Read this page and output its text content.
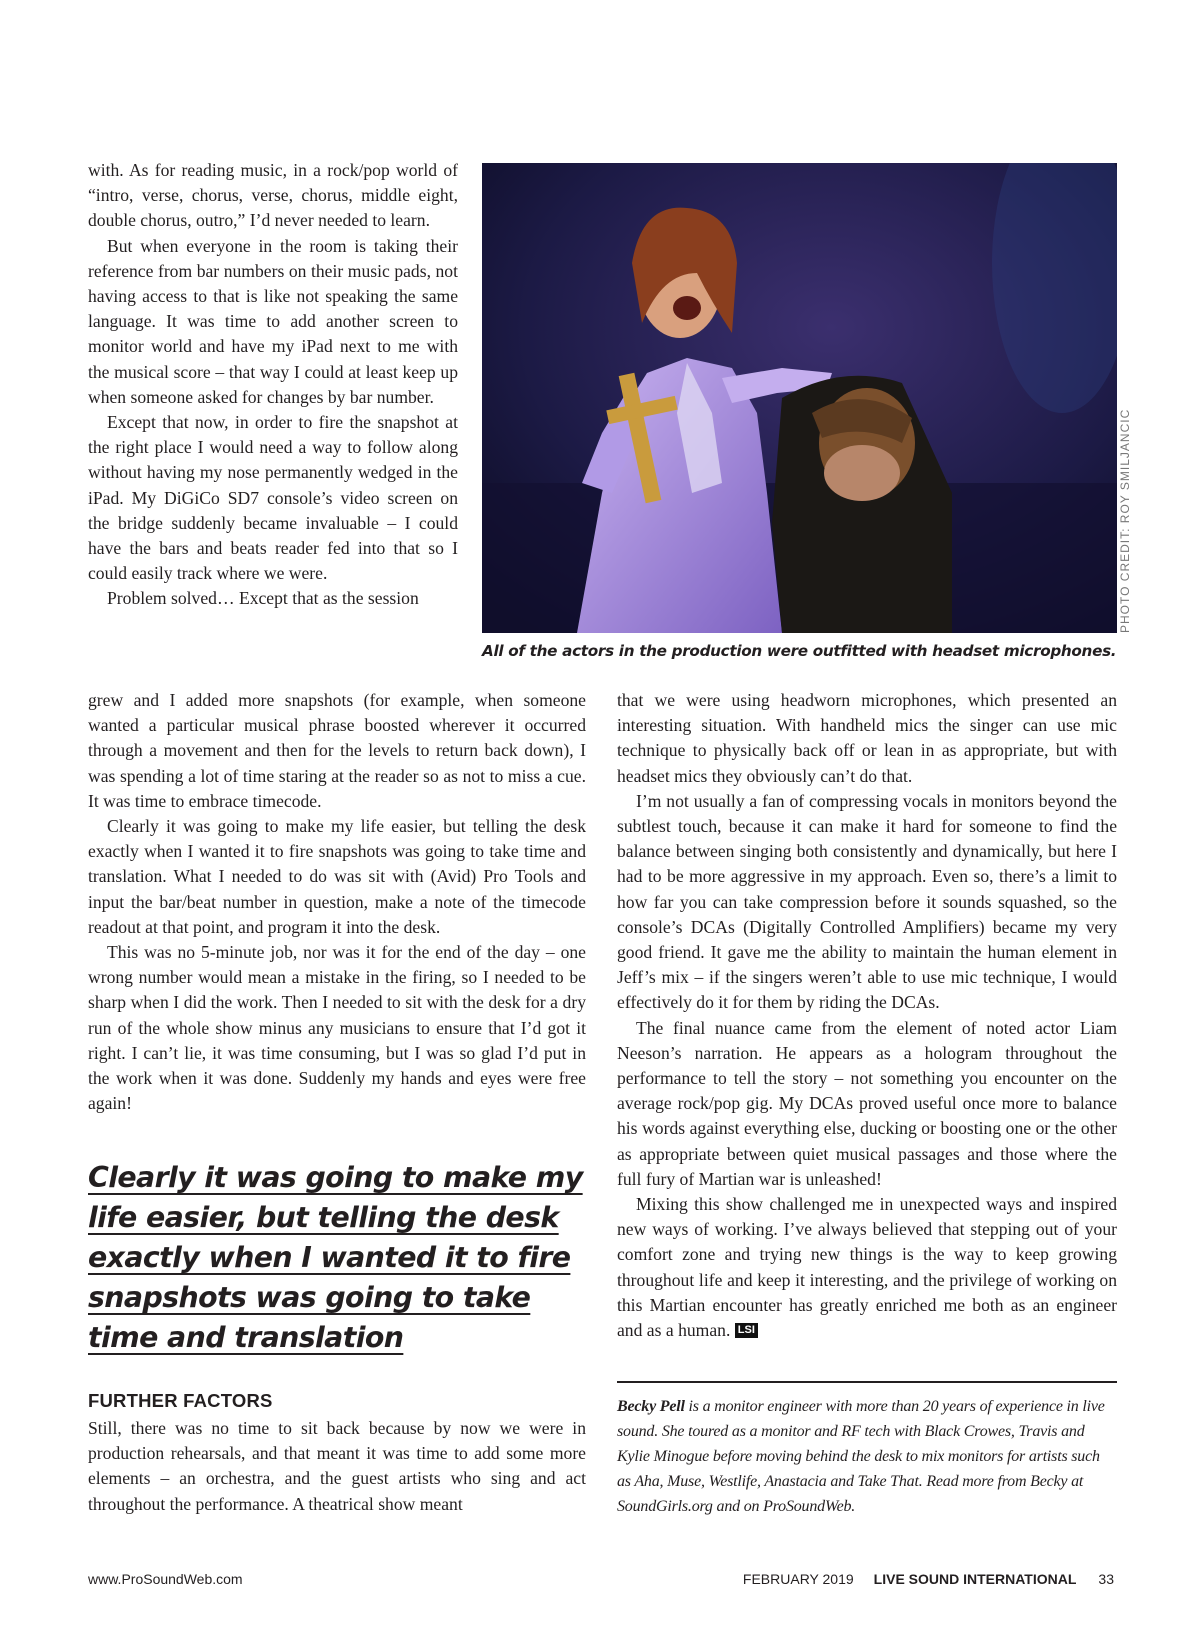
with. As for reading music, in a rock/pop world of “intro, verse, chorus, verse, chorus, middle eight, double chorus, outro,” I’d never needed to learn.

But when everyone in the room is taking their reference from bar numbers on their music pads, not having access to that is like not speaking the same language. It was time to add another screen to monitor world and have my iPad next to me with the musical score – that way I could at least keep up when someone asked for changes by bar number.

Except that now, in order to fire the snapshot at the right place I would need a way to follow along without having my nose permanently wedged in the iPad. My DiGiCo SD7 console’s video screen on the bridge suddenly became invaluable – I could have the bars and beats reader fed into that so I could easily track where we were.

Problem solved… Except that as the session

All of the actors in the production were outfitted with headset microphones.
PHOTO CREDIT: ROY SMILJANCIC

grew and I added more snapshots (for example, when someone wanted a particular musical phrase boosted wherever it occurred through a movement and then for the levels to return back down), I was spending a lot of time staring at the reader so as not to miss a cue. It was time to embrace timecode.

Clearly it was going to make my life easier, but telling the desk exactly when I wanted it to fire snapshots was going to take time and translation. What I needed to do was sit with (Avid) Pro Tools and input the bar/beat number in question, make a note of the timecode readout at that point, and program it into the desk.

This was no 5-minute job, nor was it for the end of the day – one wrong number would mean a mistake in the firing, so I needed to be sharp when I did the work. Then I needed to sit with the desk for a dry run of the whole show minus any musicians to ensure that I’d got it right. I can’t lie, it was time consuming, but I was so glad I’d put in the work when it was done. Suddenly my hands and eyes were free again!

Clearly it was going to make my life easier, but telling the desk exactly when I wanted it to fire snapshots was going to take time and translation
FURTHER FACTORS

Still, there was no time to sit back because by now we were in production rehearsals, and that meant it was time to add some more elements – an orchestra, and the guest artists who sing and act throughout the performance. A theatrical show meant

that we were using headworn microphones, which presented an interesting situation. With handheld mics the singer can use mic technique to physically back off or lean in as appropriate, but with headset mics they obviously can’t do that.

I’m not usually a fan of compressing vocals in monitors beyond the subtlest touch, because it can make it hard for someone to find the balance between singing both consistently and dynamically, but here I had to be more aggressive in my approach. Even so, there’s a limit to how far you can take compression before it sounds squashed, so the console’s DCAs (Digitally Controlled Amplifiers) became my very good friend. It gave me the ability to maintain the human element in Jeff’s mix – if the singers weren’t able to use mic technique, I would effectively do it for them by riding the DCAs.

The final nuance came from the element of noted actor Liam Neeson’s narration. He appears as a hologram throughout the performance to tell the story – not something you encounter on the average rock/pop gig. My DCAs proved useful once more to balance his words against everything else, ducking or boosting one or the other as appropriate between quiet musical passages and those where the full fury of Martian war is unleashed!

Mixing this show challenged me in unexpected ways and inspired new ways of working. I’ve always believed that stepping out of your comfort zone and trying new things is the way to keep growing throughout life and keep it interesting, and the privilege of working on this Martian encounter has greatly enriched me both as an engineer and as a human. LSI

Becky Pell is a monitor engineer with more than 20 years of experience in live sound. She toured as a monitor and RF tech with Black Crowes, Travis and Kylie Minogue before moving behind the desk to mix monitors for artists such as Aha, Muse, Westlife, Anastacia and Take That. Read more from Becky at SoundGirls.org and on ProSoundWeb.
www.ProSoundWeb.com	FEBRUARY 2019 LIVE SOUND INTERNATIONAL 33
